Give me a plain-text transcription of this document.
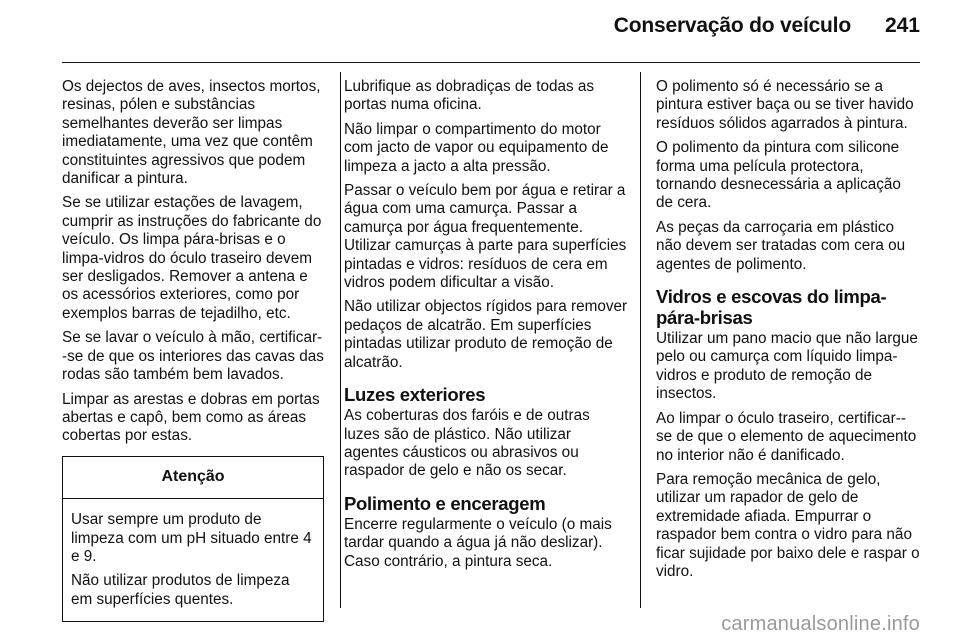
Conservação do veículo 241

Os dejectos de aves, insectos mortos, resinas, pólen e substâncias semelhantes deverão ser limpas imediatamente, uma vez que contêm constituintes agressivos que podem danificar a pintura.

Se se utilizar estações de lavagem, cumprir as instruções do fabricante do veículo. Os limpa pára-brisas e o limpa-vidros do óculo traseiro devem ser desligados. Remover a antena e os acessórios exteriores, como por exemplos barras de tejadilho, etc.

Se se lavar o veículo à mão, certificar--se de que os interiores das cavas das rodas são também bem lavados.

Limpar as arestas e dobras em portas abertas e capô, bem como as áreas cobertas por estas.

Atenção

Usar sempre um produto de limpeza com um pH situado entre 4 e 9.

Não utilizar produtos de limpeza em superfícies quentes.

Lubrifique as dobradiças de todas as portas numa oficina.

Não limpar o compartimento do motor com jacto de vapor ou equipamento de limpeza a jacto a alta pressão.

Passar o veículo bem por água e retirar a água com uma camurça. Passar a camurça por água frequentemente. Utilizar camurças à parte para superfícies pintadas e vidros: resíduos de cera em vidros podem dificultar a visão.

Não utilizar objectos rígidos para remover pedaços de alcatrão. Em superfícies pintadas utilizar produto de remoção de alcatrão.

Luzes exteriores

As coberturas dos faróis e de outras luzes são de plástico. Não utilizar agentes cáusticos ou abrasivos ou raspador de gelo e não os secar.

Polimento e enceragem

Encerre regularmente o veículo (o mais tardar quando a água já não deslizar). Caso contrário, a pintura seca.

O polimento só é necessário se a pintura estiver baça ou se tiver havido resíduos sólidos agarrados à pintura.

O polimento da pintura com silicone forma uma película protectora, tornando desnecessária a aplicação de cera.

As peças da carroçaria em plástico não devem ser tratadas com cera ou agentes de polimento.

Vidros e escovas do limpa-pára-brisas

Utilizar um pano macio que não largue pelo ou camurça com líquido limpa-vidros e produto de remoção de insectos.

Ao limpar o óculo traseiro, certificar--se de que o elemento de aquecimento no interior não é danificado.

Para remoção mecânica de gelo, utilizar um rapador de gelo de extremidade afiada. Empurrar o raspador bem contra o vidro para não ficar sujidade por baixo dele e raspar o vidro.

carmanualsonline.info
